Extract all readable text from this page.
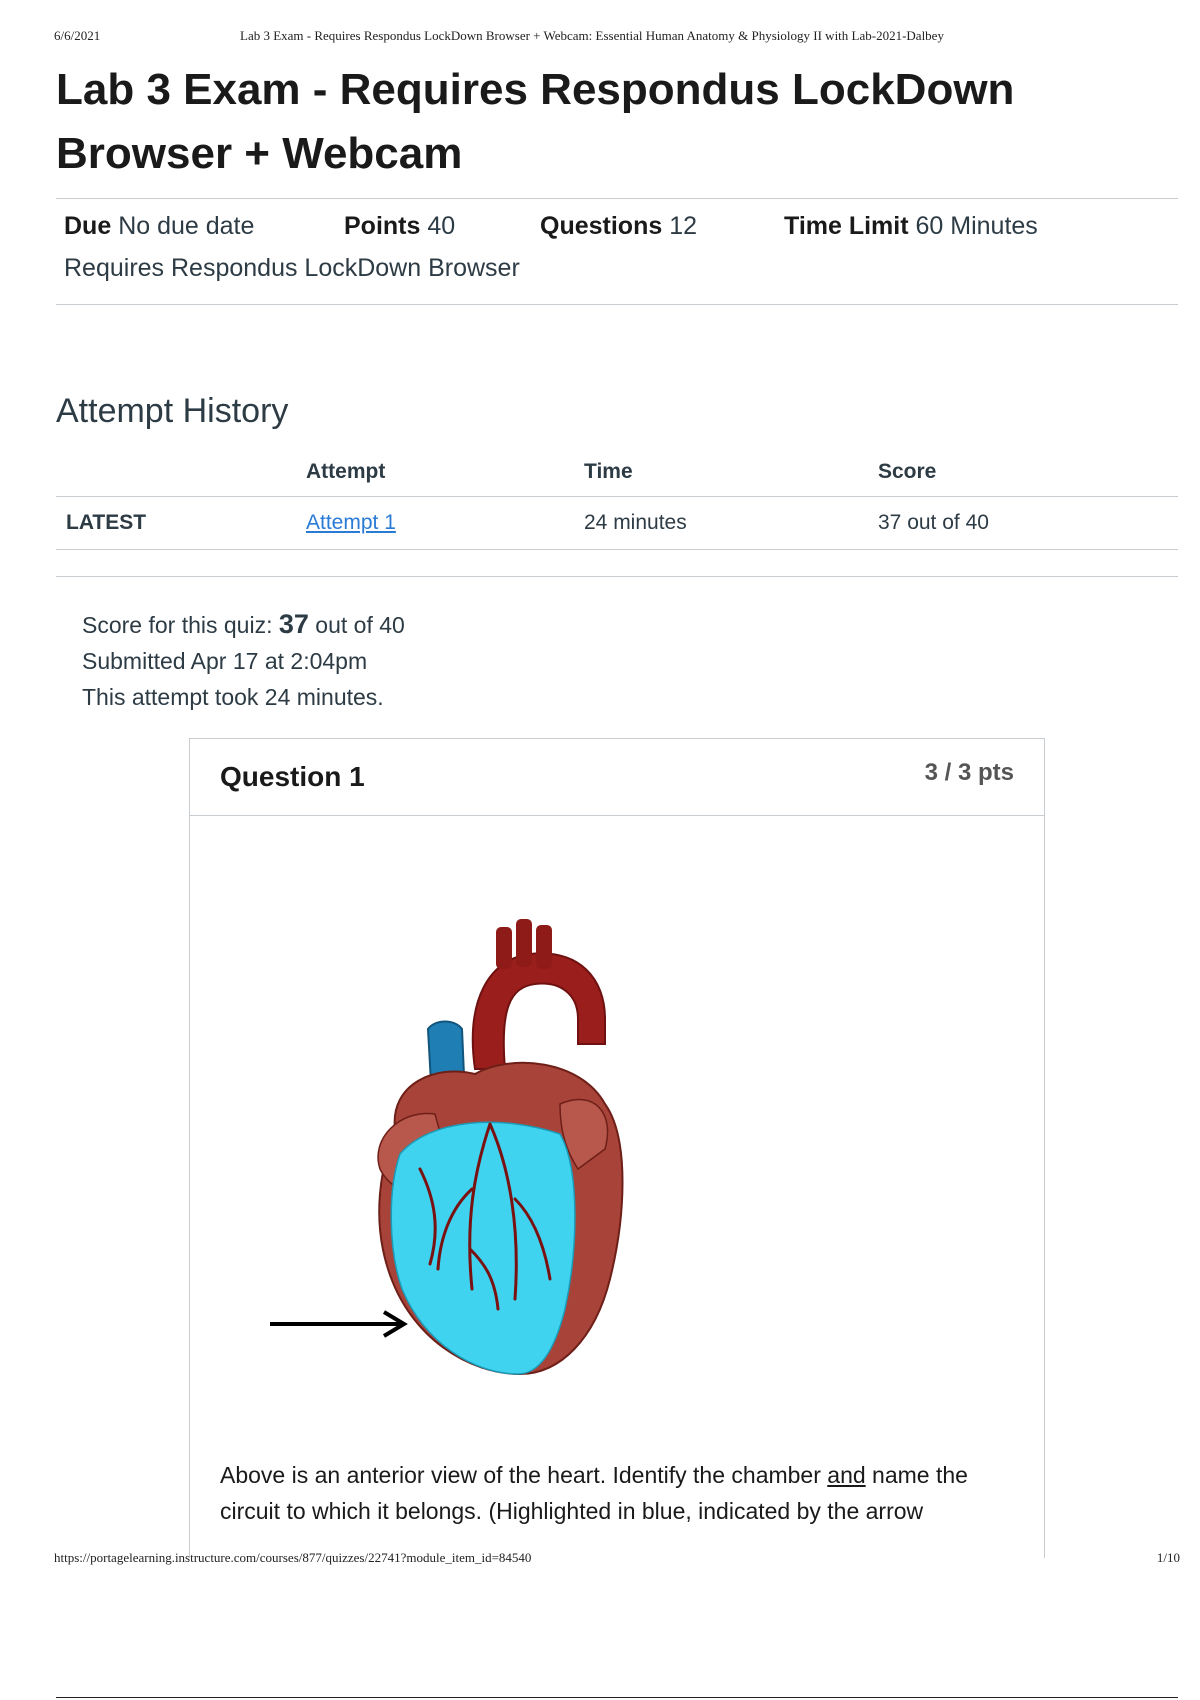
6/6/2021	Lab 3 Exam - Requires Respondus LockDown Browser + Webcam: Essential Human Anatomy & Physiology II with Lab-2021-Dalbey
Lab 3 Exam - Requires Respondus LockDown Browser + Webcam
Due No due date	Points 40	Questions 12	Time Limit 60 Minutes
Requires Respondus LockDown Browser
Attempt History
	Attempt	Time	Score
LATEST	Attempt 1	24 minutes	37 out of 40
Score for this quiz: 37 out of 40
Submitted Apr 17 at 2:04pm
This attempt took 24 minutes.
Question 1	3 / 3 pts
Above is an anterior view of the heart. Identify the chamber and name the circuit to which it belongs. (Highlighted in blue, indicated by the arrow
https://portagelearning.instructure.com/courses/877/quizzes/22741?module_item_id=84540	1/10
